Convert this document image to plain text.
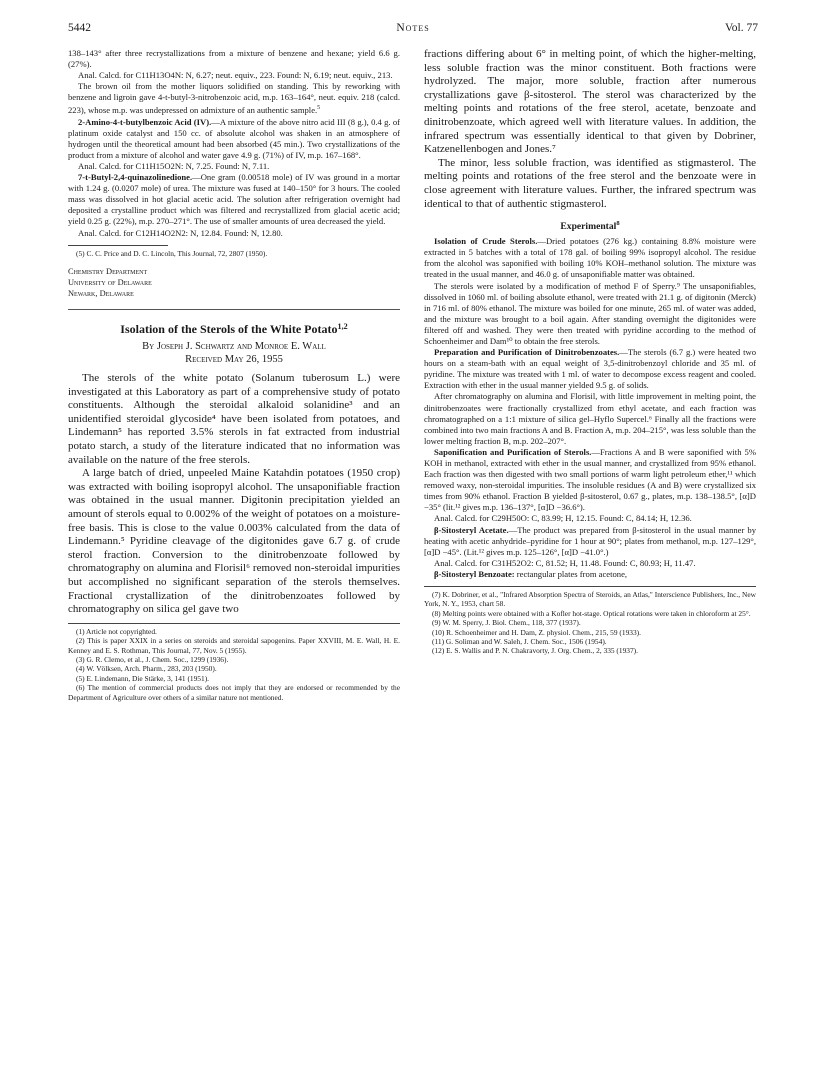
5442	Notes	Vol. 77

138–143° after three recrystallizations from a mixture of benzene and hexane; yield 6.6 g. (27%).

Anal. Calcd. for C11H13O4N: N, 6.27; neut. equiv., 223. Found: N, 6.19; neut. equiv., 213.

The brown oil from the mother liquors solidified on standing. This by reworking with benzene and ligroin gave 4-t-butyl-3-nitrobenzoic acid, m.p. 163–164°, neut. equiv. 218 (calcd. 223), whose m.p. was undepressed on admixture of an authentic sample.$^5$

2-Amino-4-t-butylbenzoic Acid (IV).—A mixture of the above nitro acid III (8 g.), 0.4 g. of platinum oxide catalyst and 150 cc. of absolute alcohol was shaken in an atmosphere of hydrogen until the theoretical amount had been absorbed (45 min.). Two crystallizations of the product from a mixture of alcohol and water gave 4.9 g. (71%) of IV, m.p. 167–168°.

Anal. Calcd. for C11H15O2N: N, 7.25. Found: N, 7.11.

7-t-Butyl-2,4-quinazolinedione.—One gram (0.00518 mole) of IV was ground in a mortar with 1.24 g. (0.0207 mole) of urea. The mixture was fused at 140–150° for 3 hours. The cooled mass was dissolved in hot glacial acetic acid. The solution after refrigeration overnight had deposited a crystalline product which was filtered and recrystallized from glacial acetic acid; yield 0.25 g. (22%), m.p. 270–271°. The use of smaller amounts of urea decreased the yield.

Anal. Calcd. for C12H14O2N2: N, 12.84. Found: N, 12.80.

(5) C. C. Price and D. C. Lincoln, This Journal, 72, 2807 (1950).

Chemistry Department
University of Delaware
Newark, Delaware
Isolation of the Sterols of the White Potato$^{1,2}$
By Joseph J. Schwartz and Monroe E. Wall
Received May 26, 1955

The sterols of the white potato (Solanum tuberosum L.) were investigated at this Laboratory as part of a comprehensive study of potato constituents. Although the steroidal alkaloid solanidine³ and an unidentified steroidal glycoside⁴ have been isolated from potatoes, and Lindemann⁵ has reported 3.5% sterols in fat extracted from industrial potato starch, a study of the literature indicated that no information was available on the nature of the free sterols.

A large batch of dried, unpeeled Maine Katahdin potatoes (1950 crop) was extracted with boiling isopropyl alcohol. The unsaponifiable fraction was obtained in the usual manner. Digitonin precipitation yielded an amount of sterols equal to 0.002% of the weight of potatoes on a moisture-free basis. This is close to the value 0.003% calculated from the data of Lindemann.⁵ Pyridine cleavage of the digitonides gave 6.7 g. of crude sterol fraction. Conversion to the dinitrobenzoate followed by chromatography on alumina and Florisil⁶ removed non-steroidal impurities but accomplished no significant separation of the sterols themselves. Fractional crystallization of the dinitrobenzoates followed by chromatography on silica gel gave two

(1) Article not copyrighted.

(2) This is paper XXIX in a series on steroids and steroidal sapogenins. Paper XXVIII, M. E. Wall, H. E. Kenney and E. S. Rothman, This Journal, 77, Nov. 5 (1955).

(3) G. R. Clemo, et al., J. Chem. Soc., 1299 (1936).

(4) W. Völksen, Arch. Pharm., 283, 203 (1950).

(5) E. Lindemann, Die Stärke, 3, 141 (1951).

(6) The mention of commercial products does not imply that they are endorsed or recommended by the Department of Agriculture over others of a similar nature not mentioned.

fractions differing about 6° in melting point, of which the higher-melting, less soluble fraction was the minor constituent. Both fractions were hydrolyzed. The major, more soluble, fraction after numerous crystallizations gave β-sitosterol. The sterol was characterized by the melting points and rotations of the free sterol, acetate, benzoate and dinitrobenzoate, which agreed well with literature values. In addition, the infrared spectrum was essentially identical to that given by Dobriner, Katzenellenbogen and Jones.⁷

The minor, less soluble fraction, was identified as stigmasterol. The melting points and rotations of the free sterol and the benzoate were in close agreement with literature values. Further, the infrared spectrum was identical to that of authentic stigmasterol.

Experimental$^8$

Isolation of Crude Sterols.—Dried potatoes (276 kg.) containing 8.8% moisture were extracted in 5 batches with a total of 178 gal. of boiling 99% isopropyl alcohol. The residue from the alcohol was saponified with boiling 10% KOH–methanol solution. The mixture was treated in the usual manner, and 46.0 g. of unsaponifiable matter was obtained.

The sterols were isolated by a modification of method F of Sperry.⁹ The unsaponifiables, dissolved in 1060 ml. of boiling absolute ethanol, were treated with 21.1 g. of digitonin (Merck) in 716 ml. of 80% ethanol. The mixture was boiled for one minute, 265 ml. of water was added, and the mixture was brought to a boil again. After standing overnight the digitonides were filtered off and washed. They were then treated with pyridine according to the method of Schoenheimer and Dam¹⁰ to obtain the free sterols.

Preparation and Purification of Dinitrobenzoates.—The sterols (6.7 g.) were heated two hours on a steam-bath with an equal weight of 3,5-dinitrobenzoyl chloride and 35 ml. of pyridine. The mixture was treated with 1 ml. of water to decompose excess reagent and cooled. Extraction with ether in the usual manner yielded 9.5 g. of solids.

After chromatography on alumina and Florisil, with little improvement in melting point, the dinitrobenzoates were fractionally crystallized from ethyl acetate, and each fraction was chromatographed on a 1:1 mixture of silica gel–Hyflo Supercel.⁶ Finally all the fractions were combined into two main fractions A and B. Fraction A, m.p. 204–215°, was less soluble than the lower melting fraction B, m.p. 202–207°.

Saponification and Purification of Sterols.—Fractions A and B were saponified with 5% KOH in methanol, extracted with ether in the usual manner, and crystallized from 95% ethanol. Each fraction was then digested with two small portions of warm light petroleum ether,¹¹ which removed waxy, non-steroidal impurities. The insoluble residues (A and B) were crystallized six times from 90% ethanol. Fraction B yielded β-sitosterol, 0.67 g., plates, m.p. 138–138.5°, [α]D −35° (lit.¹² gives m.p. 136–137°, [α]D −36.6°).

Anal. Calcd. for C29H50O: C, 83.99; H, 12.15. Found: C, 84.14; H, 12.36.

β-Sitosteryl Acetate.—The product was prepared from β-sitosterol in the usual manner by heating with acetic anhydride–pyridine for 1 hour at 90°; plates from methanol, m.p. 127–129°, [α]D −45°. (Lit.¹² gives m.p. 125–126°, [α]D −41.0°.)

Anal. Calcd. for C31H52O2: C, 81.52; H, 11.48. Found: C, 80.93; H, 11.47.

β-Sitosteryl Benzoate: rectangular plates from acetone,

(7) K. Dobriner, et al., "Infrared Absorption Spectra of Steroids, an Atlas," Interscience Publishers, Inc., New York, N. Y., 1953, chart 58.

(8) Melting points were obtained with a Kofler hot-stage. Optical rotations were taken in chloroform at 25°.

(9) W. M. Sperry, J. Biol. Chem., 118, 377 (1937).

(10) R. Schoenheimer and H. Dam, Z. physiol. Chem., 215, 59 (1933).

(11) G. Soliman and W. Saleh, J. Chem. Soc., 1506 (1954).

(12) E. S. Wallis and P. N. Chakravorty, J. Org. Chem., 2, 335 (1937).
